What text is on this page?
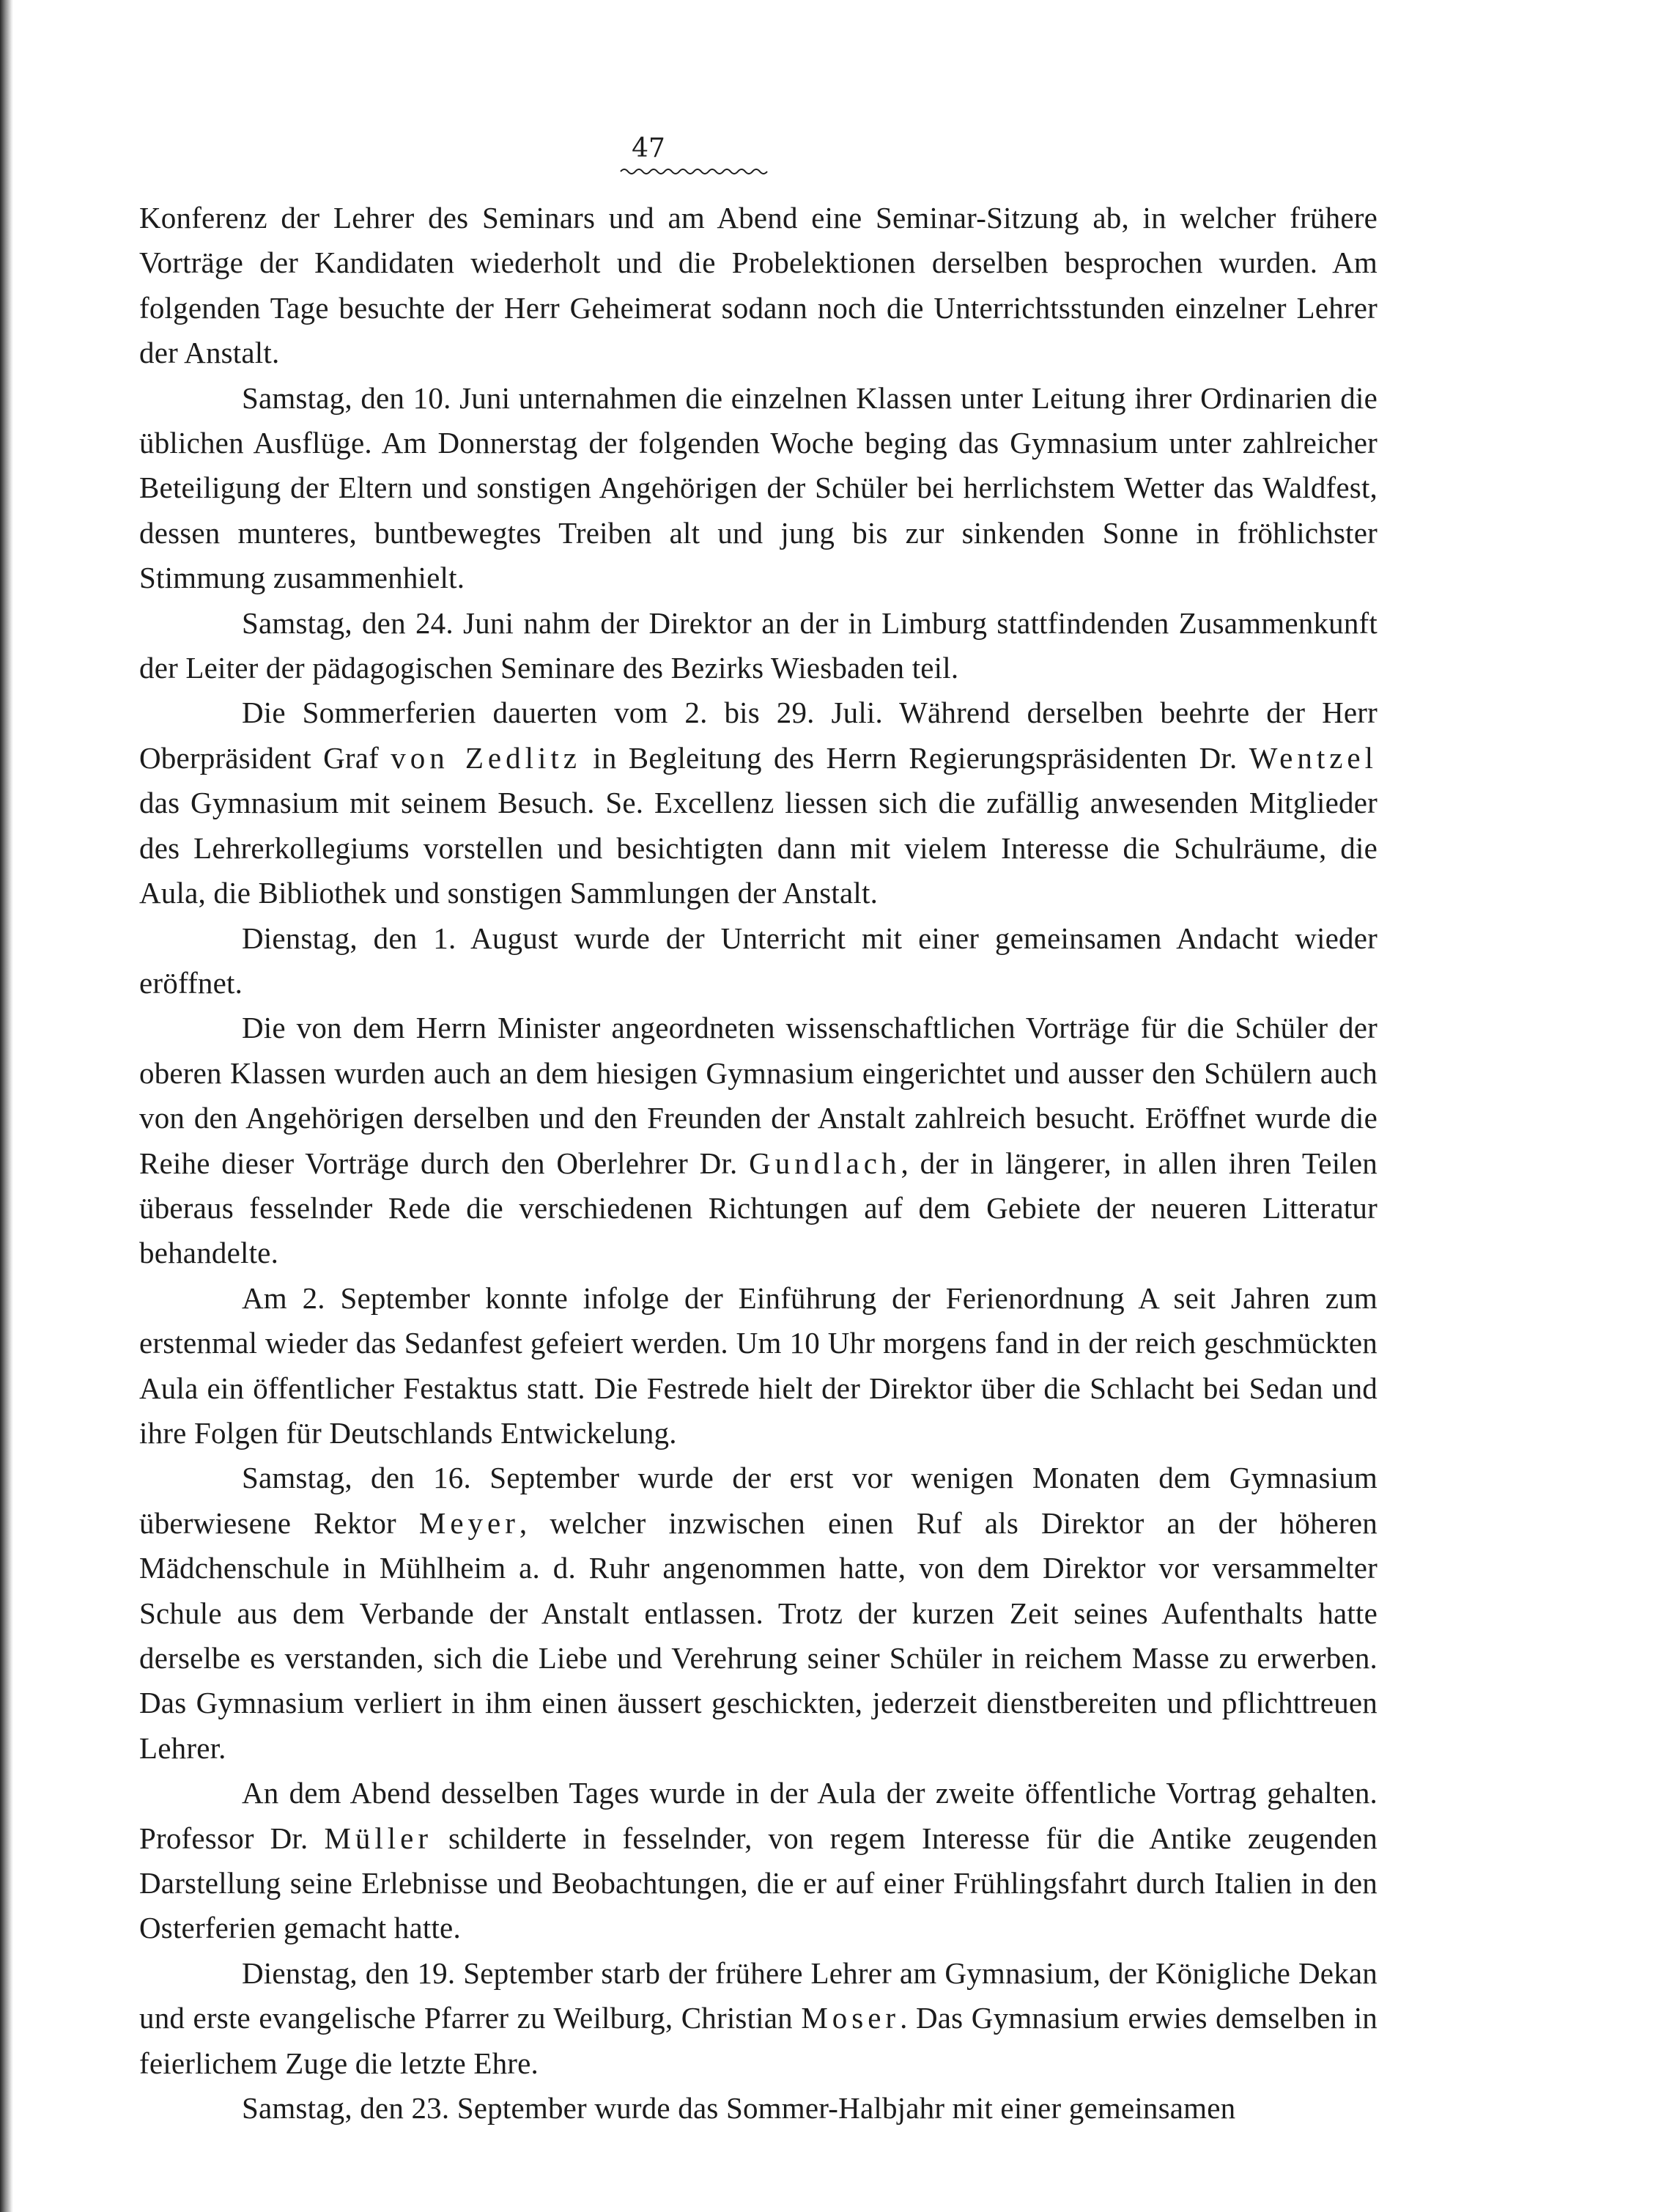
47

Konferenz der Lehrer des Seminars und am Abend eine Seminar-Sitzung ab, in welcher frühere Vorträge der Kandidaten wiederholt und die Probelektionen derselben besprochen wurden. Am folgenden Tage besuchte der Herr Geheimerat sodann noch die Unterrichtsstunden einzelner Lehrer der Anstalt.

Samstag, den 10. Juni unternahmen die einzelnen Klassen unter Leitung ihrer Ordinarien die üblichen Ausflüge. Am Donnerstag der folgenden Woche beging das Gymnasium unter zahlreicher Beteiligung der Eltern und sonstigen Angehörigen der Schüler bei herrlichstem Wetter das Waldfest, dessen munteres, buntbewegtes Treiben alt und jung bis zur sinkenden Sonne in fröhlichster Stimmung zusammenhielt.

Samstag, den 24. Juni nahm der Direktor an der in Limburg stattfindenden Zusammenkunft der Leiter der pädagogischen Seminare des Bezirks Wiesbaden teil.

Die Sommerferien dauerten vom 2. bis 29. Juli. Während derselben beehrte der Herr Oberpräsident Graf von Zedlitz in Begleitung des Herrn Regierungspräsidenten Dr. Wentzel das Gymnasium mit seinem Besuch. Se. Excellenz liessen sich die zufällig anwesenden Mitglieder des Lehrerkollegiums vorstellen und besichtigten dann mit vielem Interesse die Schulräume, die Aula, die Bibliothek und sonstigen Sammlungen der Anstalt.

Dienstag, den 1. August wurde der Unterricht mit einer gemeinsamen Andacht wieder eröffnet.

Die von dem Herrn Minister angeordneten wissenschaftlichen Vorträge für die Schüler der oberen Klassen wurden auch an dem hiesigen Gymnasium eingerichtet und ausser den Schülern auch von den Angehörigen derselben und den Freunden der Anstalt zahlreich besucht. Eröffnet wurde die Reihe dieser Vorträge durch den Oberlehrer Dr. Gundlach, der in längerer, in allen ihren Teilen überaus fesselnder Rede die verschiedenen Richtungen auf dem Gebiete der neueren Litteratur behandelte.

Am 2. September konnte infolge der Einführung der Ferienordnung A seit Jahren zum erstenmal wieder das Sedanfest gefeiert werden. Um 10 Uhr morgens fand in der reich geschmückten Aula ein öffentlicher Festaktus statt. Die Festrede hielt der Direktor über die Schlacht bei Sedan und ihre Folgen für Deutschlands Entwickelung.

Samstag, den 16. September wurde der erst vor wenigen Monaten dem Gymnasium überwiesene Rektor Meyer, welcher inzwischen einen Ruf als Direktor an der höheren Mädchenschule in Mühlheim a. d. Ruhr angenommen hatte, von dem Direktor vor versammelter Schule aus dem Verbande der Anstalt entlassen. Trotz der kurzen Zeit seines Aufenthalts hatte derselbe es verstanden, sich die Liebe und Verehrung seiner Schüler in reichem Masse zu erwerben. Das Gymnasium verliert in ihm einen äussert geschickten, jederzeit dienstbereiten und pflichttreuen Lehrer.

An dem Abend desselben Tages wurde in der Aula der zweite öffentliche Vortrag gehalten. Professor Dr. Müller schilderte in fesselnder, von regem Interesse für die Antike zeugenden Darstellung seine Erlebnisse und Beobachtungen, die er auf einer Frühlingsfahrt durch Italien in den Osterferien gemacht hatte.

Dienstag, den 19. September starb der frühere Lehrer am Gymnasium, der Königliche Dekan und erste evangelische Pfarrer zu Weilburg, Christian Moser. Das Gymnasium erwies demselben in feierlichem Zuge die letzte Ehre.

Samstag, den 23. September wurde das Sommer-Halbjahr mit einer gemeinsamen
